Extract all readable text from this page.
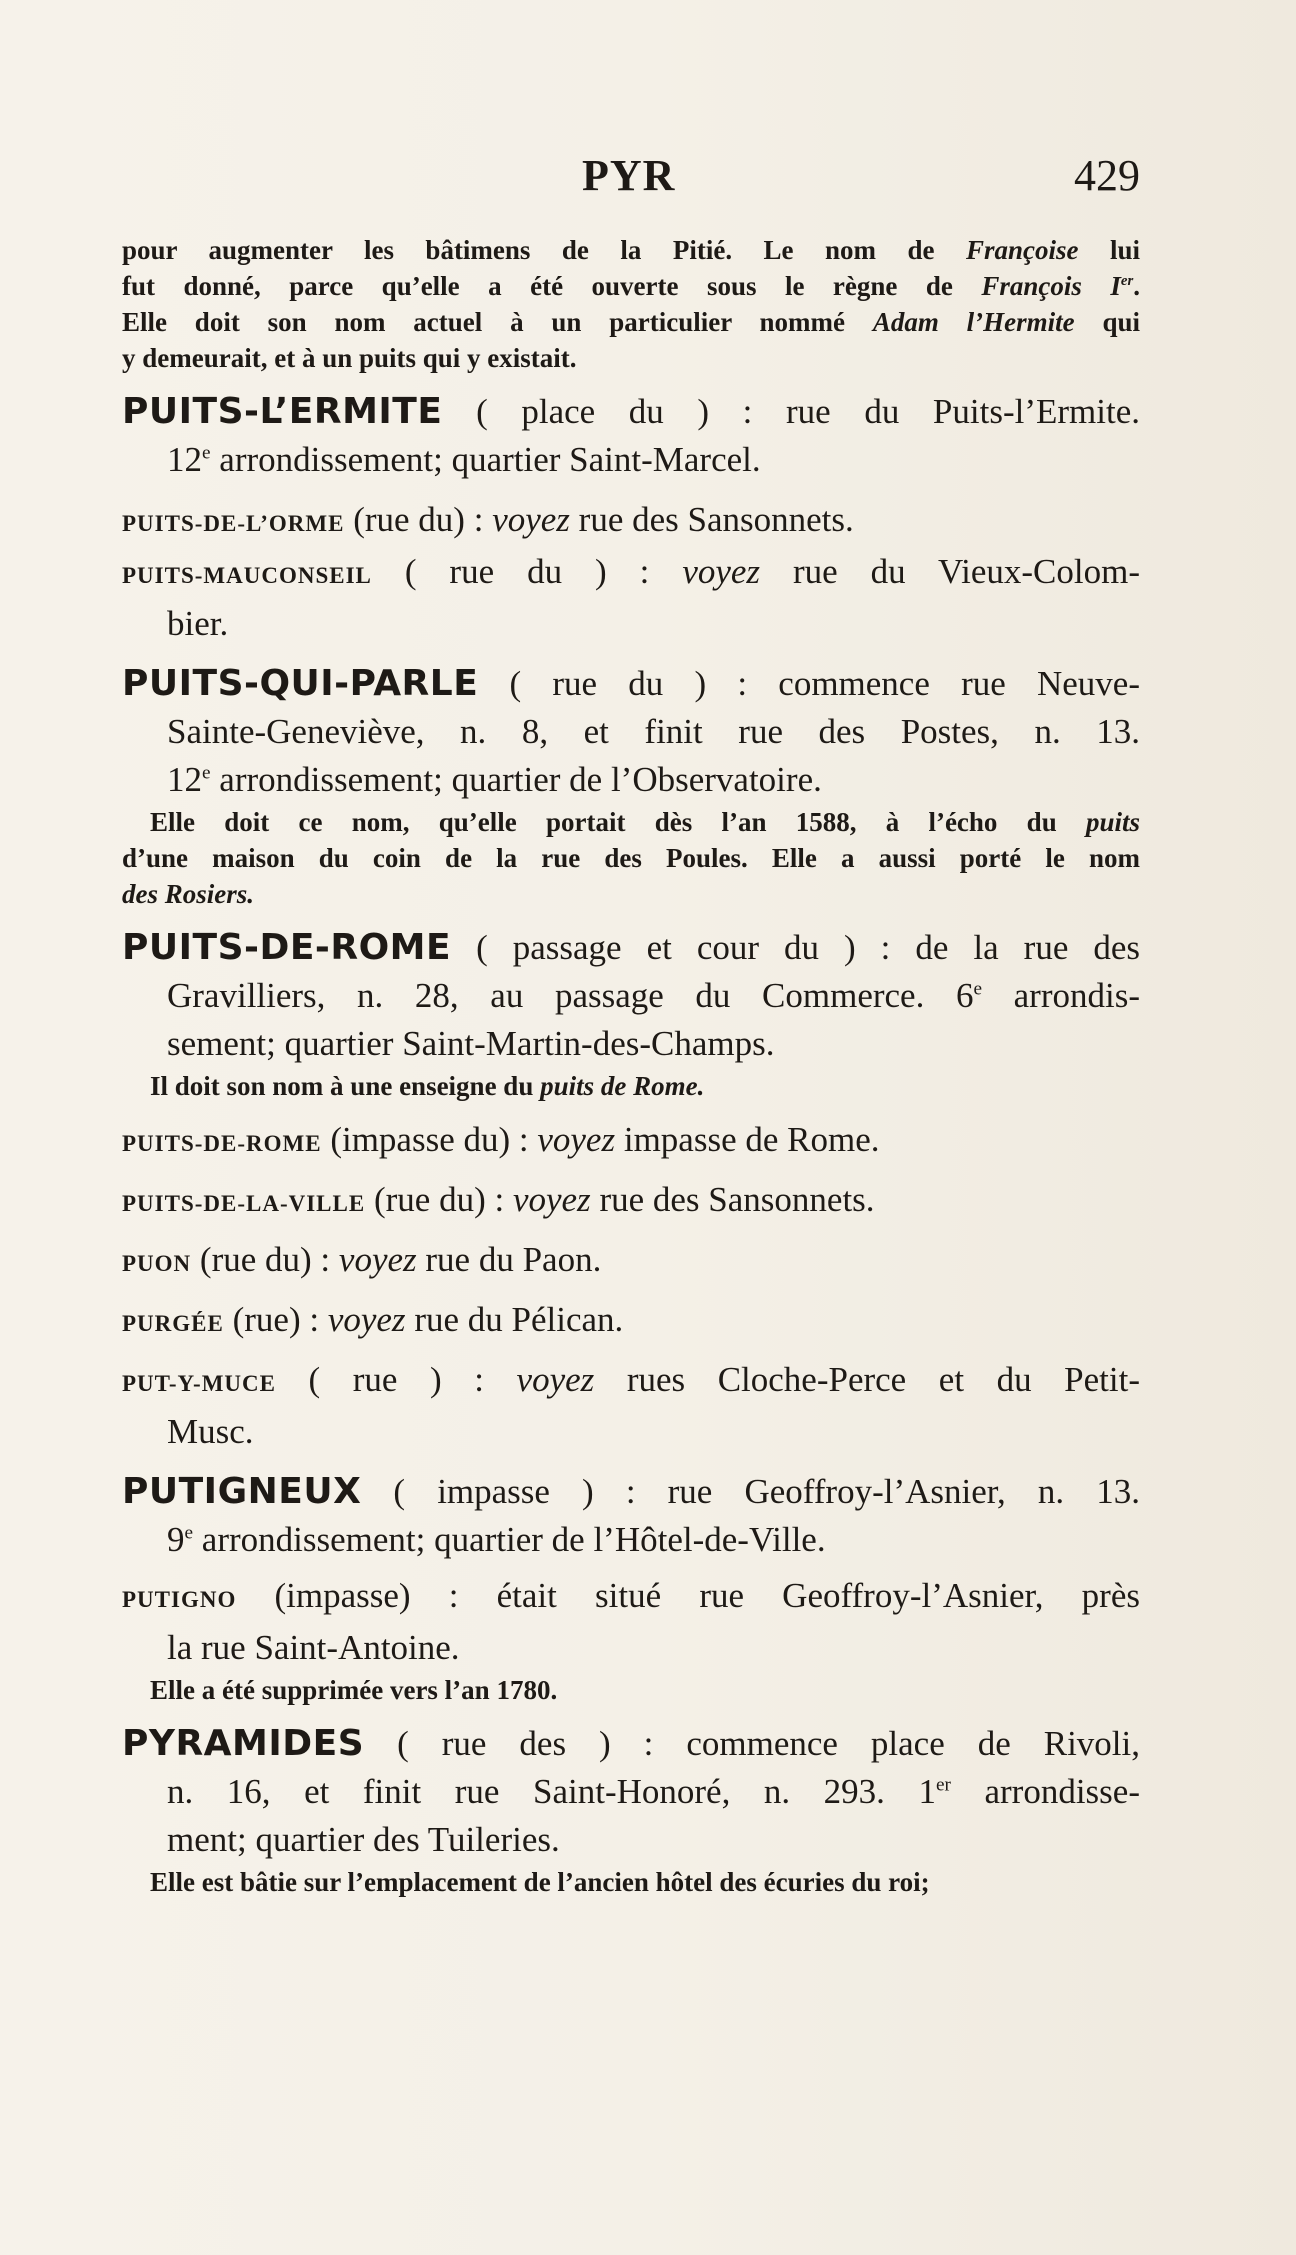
PYR	429
pour augmenter les bâtimens de la Pitié. Le nom de Françoise lui
fut donné, parce qu’elle a été ouverte sous le règne de François Ier.
Elle doit son nom actuel à un particulier nommé Adam l’Hermite qui
y demeurait, et à un puits qui y existait.
PUITS-L’ERMITE ( place du ) : rue du Puits-l’Ermite.
12e arrondissement; quartier Saint-Marcel.
PUITS-DE-L’ORME (rue du) : voyez rue des Sansonnets.
PUITS-MAUCONSEIL ( rue du ) : voyez rue du Vieux-Colom-
bier.
PUITS-QUI-PARLE ( rue du ) : commence rue Neuve-
Sainte-Geneviève, n. 8, et finit rue des Postes, n. 13.
12e arrondissement; quartier de l’Observatoire.
Elle doit ce nom, qu’elle portait dès l’an 1588, à l’écho du puits
d’une maison du coin de la rue des Poules. Elle a aussi porté le nom
des Rosiers.
PUITS-DE-ROME ( passage et cour du ) : de la rue des
Gravilliers, n. 28, au passage du Commerce. 6e arrondis-
sement; quartier Saint-Martin-des-Champs.
Il doit son nom à une enseigne du puits de Rome.
PUITS-DE-ROME (impasse du) : voyez impasse de Rome.
PUITS-DE-LA-VILLE (rue du) : voyez rue des Sansonnets.
PUON (rue du) : voyez rue du Paon.
PURGÉE (rue) : voyez rue du Pélican.
PUT-Y-MUCE ( rue ) : voyez rues Cloche-Perce et du Petit-
Musc.
PUTIGNEUX ( impasse ) : rue Geoffroy-l’Asnier, n. 13.
9e arrondissement; quartier de l’Hôtel-de-Ville.
PUTIGNO (impasse) : était situé rue Geoffroy-l’Asnier, près
la rue Saint-Antoine.
Elle a été supprimée vers l’an 1780.
PYRAMIDES ( rue des ) : commence place de Rivoli,
n. 16, et finit rue Saint-Honoré, n. 293. 1er arrondisse-
ment; quartier des Tuileries.
Elle est bâtie sur l’emplacement de l’ancien hôtel des écuries du roi;
